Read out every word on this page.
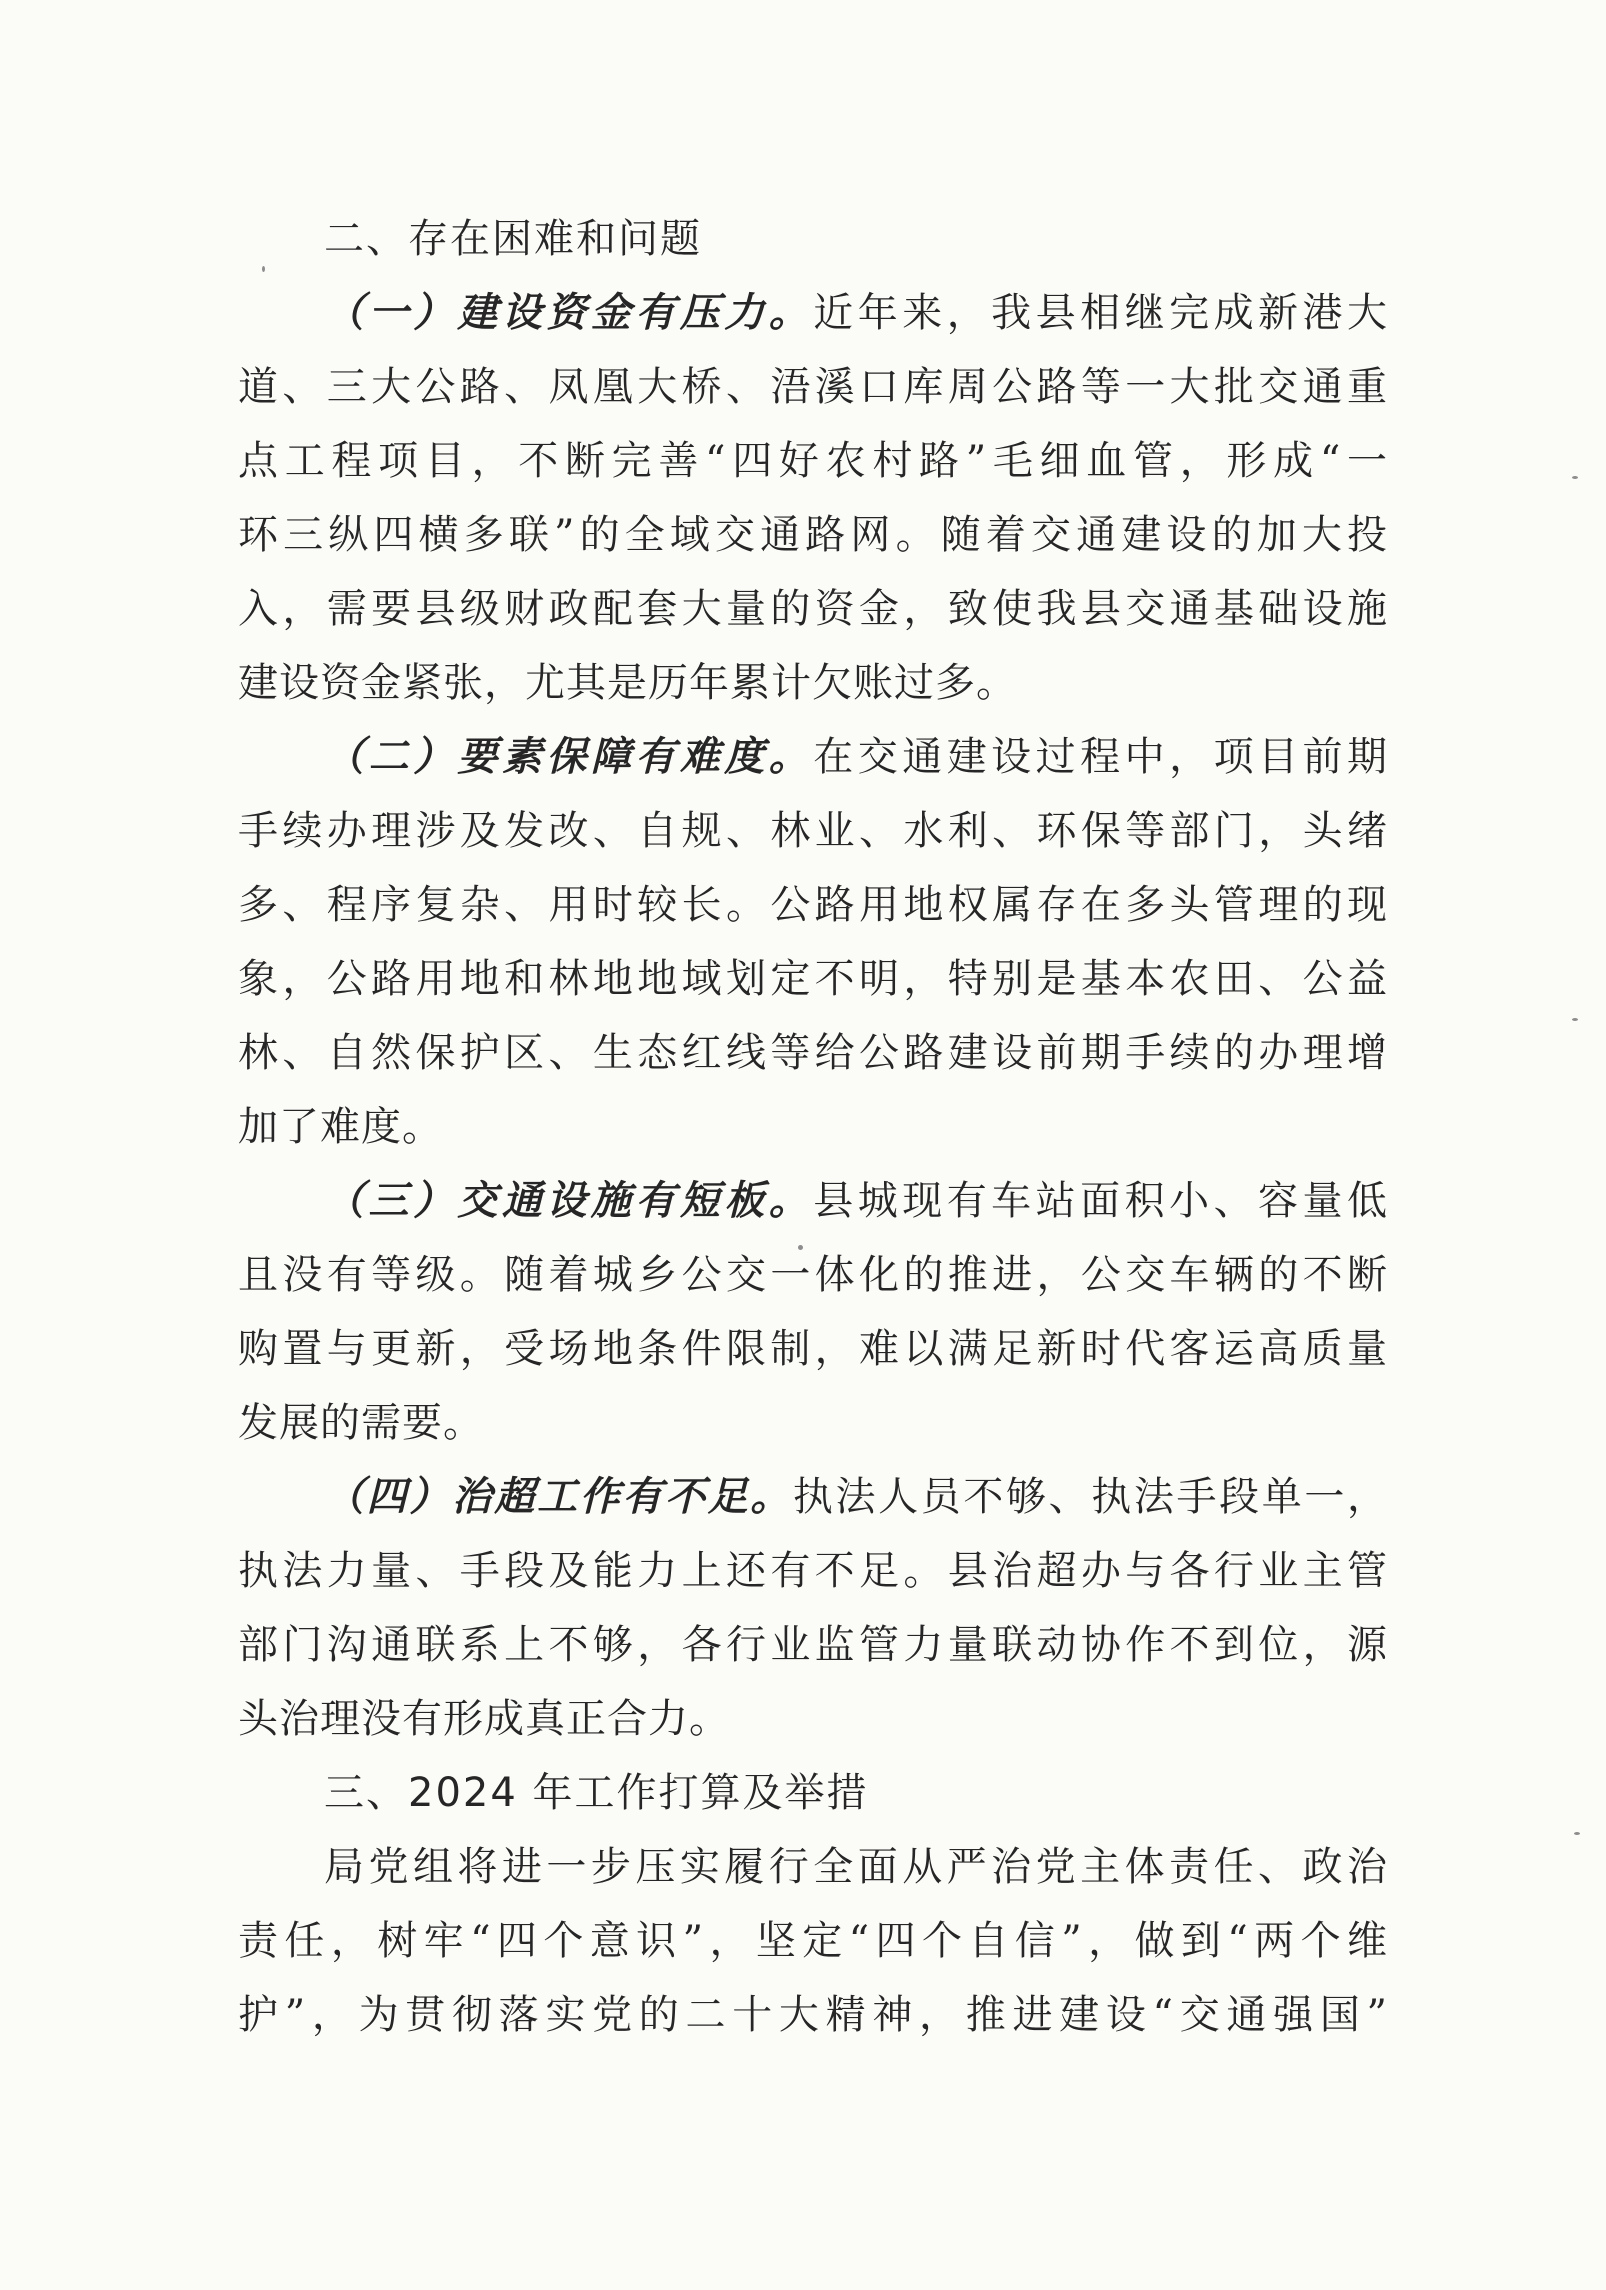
二、存在困难和问题
（一）建设资金有压力。近年来，我县相继完成新港大
道、三大公路、凤凰大桥、浯溪口库周公路等一大批交通重
点工程项目，不断完善“四好农村路”毛细血管，形成“一
环三纵四横多联”的全域交通路网。随着交通建设的加大投
入，需要县级财政配套大量的资金，致使我县交通基础设施
建设资金紧张，尤其是历年累计欠账过多。
（二）要素保障有难度。在交通建设过程中，项目前期
手续办理涉及发改、自规、林业、水利、环保等部门，头绪
多、程序复杂、用时较长。公路用地权属存在多头管理的现
象，公路用地和林地地域划定不明，特别是基本农田、公益
林、自然保护区、生态红线等给公路建设前期手续的办理增
加了难度。
（三）交通设施有短板。县城现有车站面积小、容量低
且没有等级。随着城乡公交一体化的推进，公交车辆的不断
购置与更新，受场地条件限制，难以满足新时代客运高质量
发展的需要。
（四）治超工作有不足。执法人员不够、执法手段单一，
执法力量、手段及能力上还有不足。县治超办与各行业主管
部门沟通联系上不够，各行业监管力量联动协作不到位，源
头治理没有形成真正合力。
三、2024 年工作打算及举措
局党组将进一步压实履行全面从严治党主体责任、政治
责任，树牢“四个意识”，坚定“四个自信”，做到“两个维
护”，为贯彻落实党的二十大精神，推进建设“交通强国”
